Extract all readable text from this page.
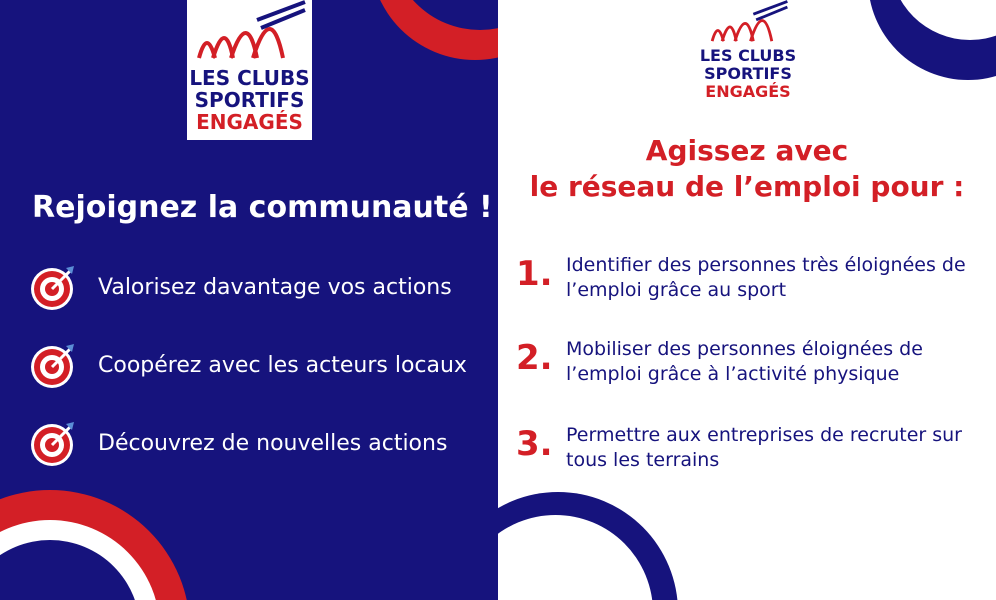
LES CLUBS
SPORTIFS
ENGAGÉS
Rejoignez la communauté !
Valorisez davantage vos actions
Coopérez avec les acteurs locaux
Découvrez de nouvelles actions
LES CLUBS
SPORTIFS
ENGAGÉS
Agissez avec
le réseau de l’emploi pour :
1. Identifier des personnes très éloignées de
l’emploi grâce au sport
2. Mobiliser des personnes éloignées de
l’emploi grâce à l’activité physique
3. Permettre aux entreprises de recruter sur
tous les terrains
